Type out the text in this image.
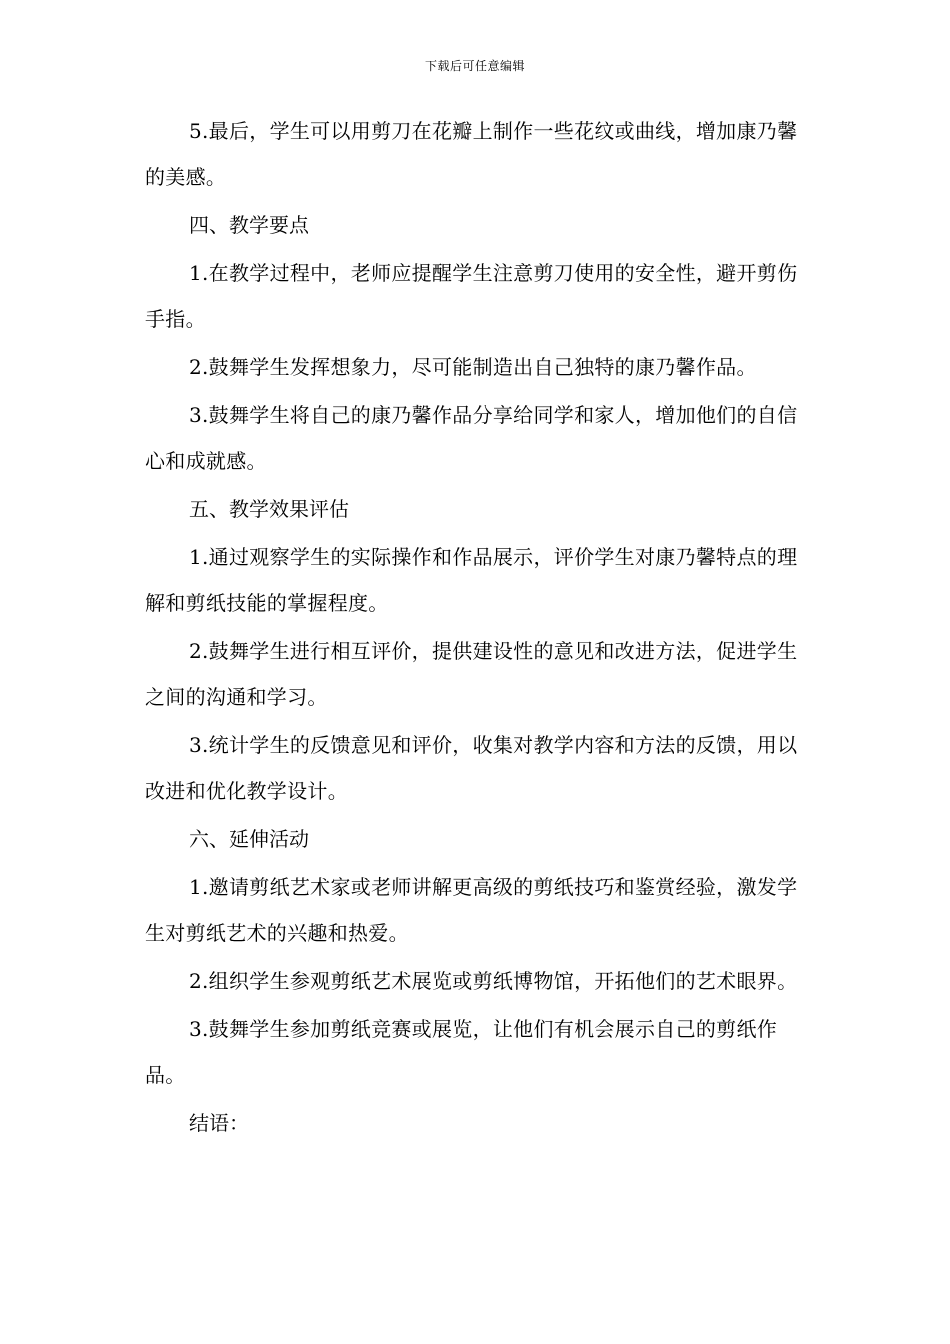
下载后可任意编辑

5.最后，学生可以用剪刀在花瓣上制作一些花纹或曲线，增加康乃馨的美感。

四、教学要点

1.在教学过程中，老师应提醒学生注意剪刀使用的安全性，避开剪伤手指。

2.鼓舞学生发挥想象力，尽可能制造出自己独特的康乃馨作品。

3.鼓舞学生将自己的康乃馨作品分享给同学和家人，增加他们的自信心和成就感。

五、教学效果评估

1.通过观察学生的实际操作和作品展示，评价学生对康乃馨特点的理解和剪纸技能的掌握程度。

2.鼓舞学生进行相互评价，提供建设性的意见和改进方法，促进学生之间的沟通和学习。

3.统计学生的反馈意见和评价，收集对教学内容和方法的反馈，用以改进和优化教学设计。

六、延伸活动

1.邀请剪纸艺术家或老师讲解更高级的剪纸技巧和鉴赏经验，激发学生对剪纸艺术的兴趣和热爱。

2.组织学生参观剪纸艺术展览或剪纸博物馆，开拓他们的艺术眼界。

3.鼓舞学生参加剪纸竞赛或展览，让他们有机会展示自己的剪纸作品。

结语：
